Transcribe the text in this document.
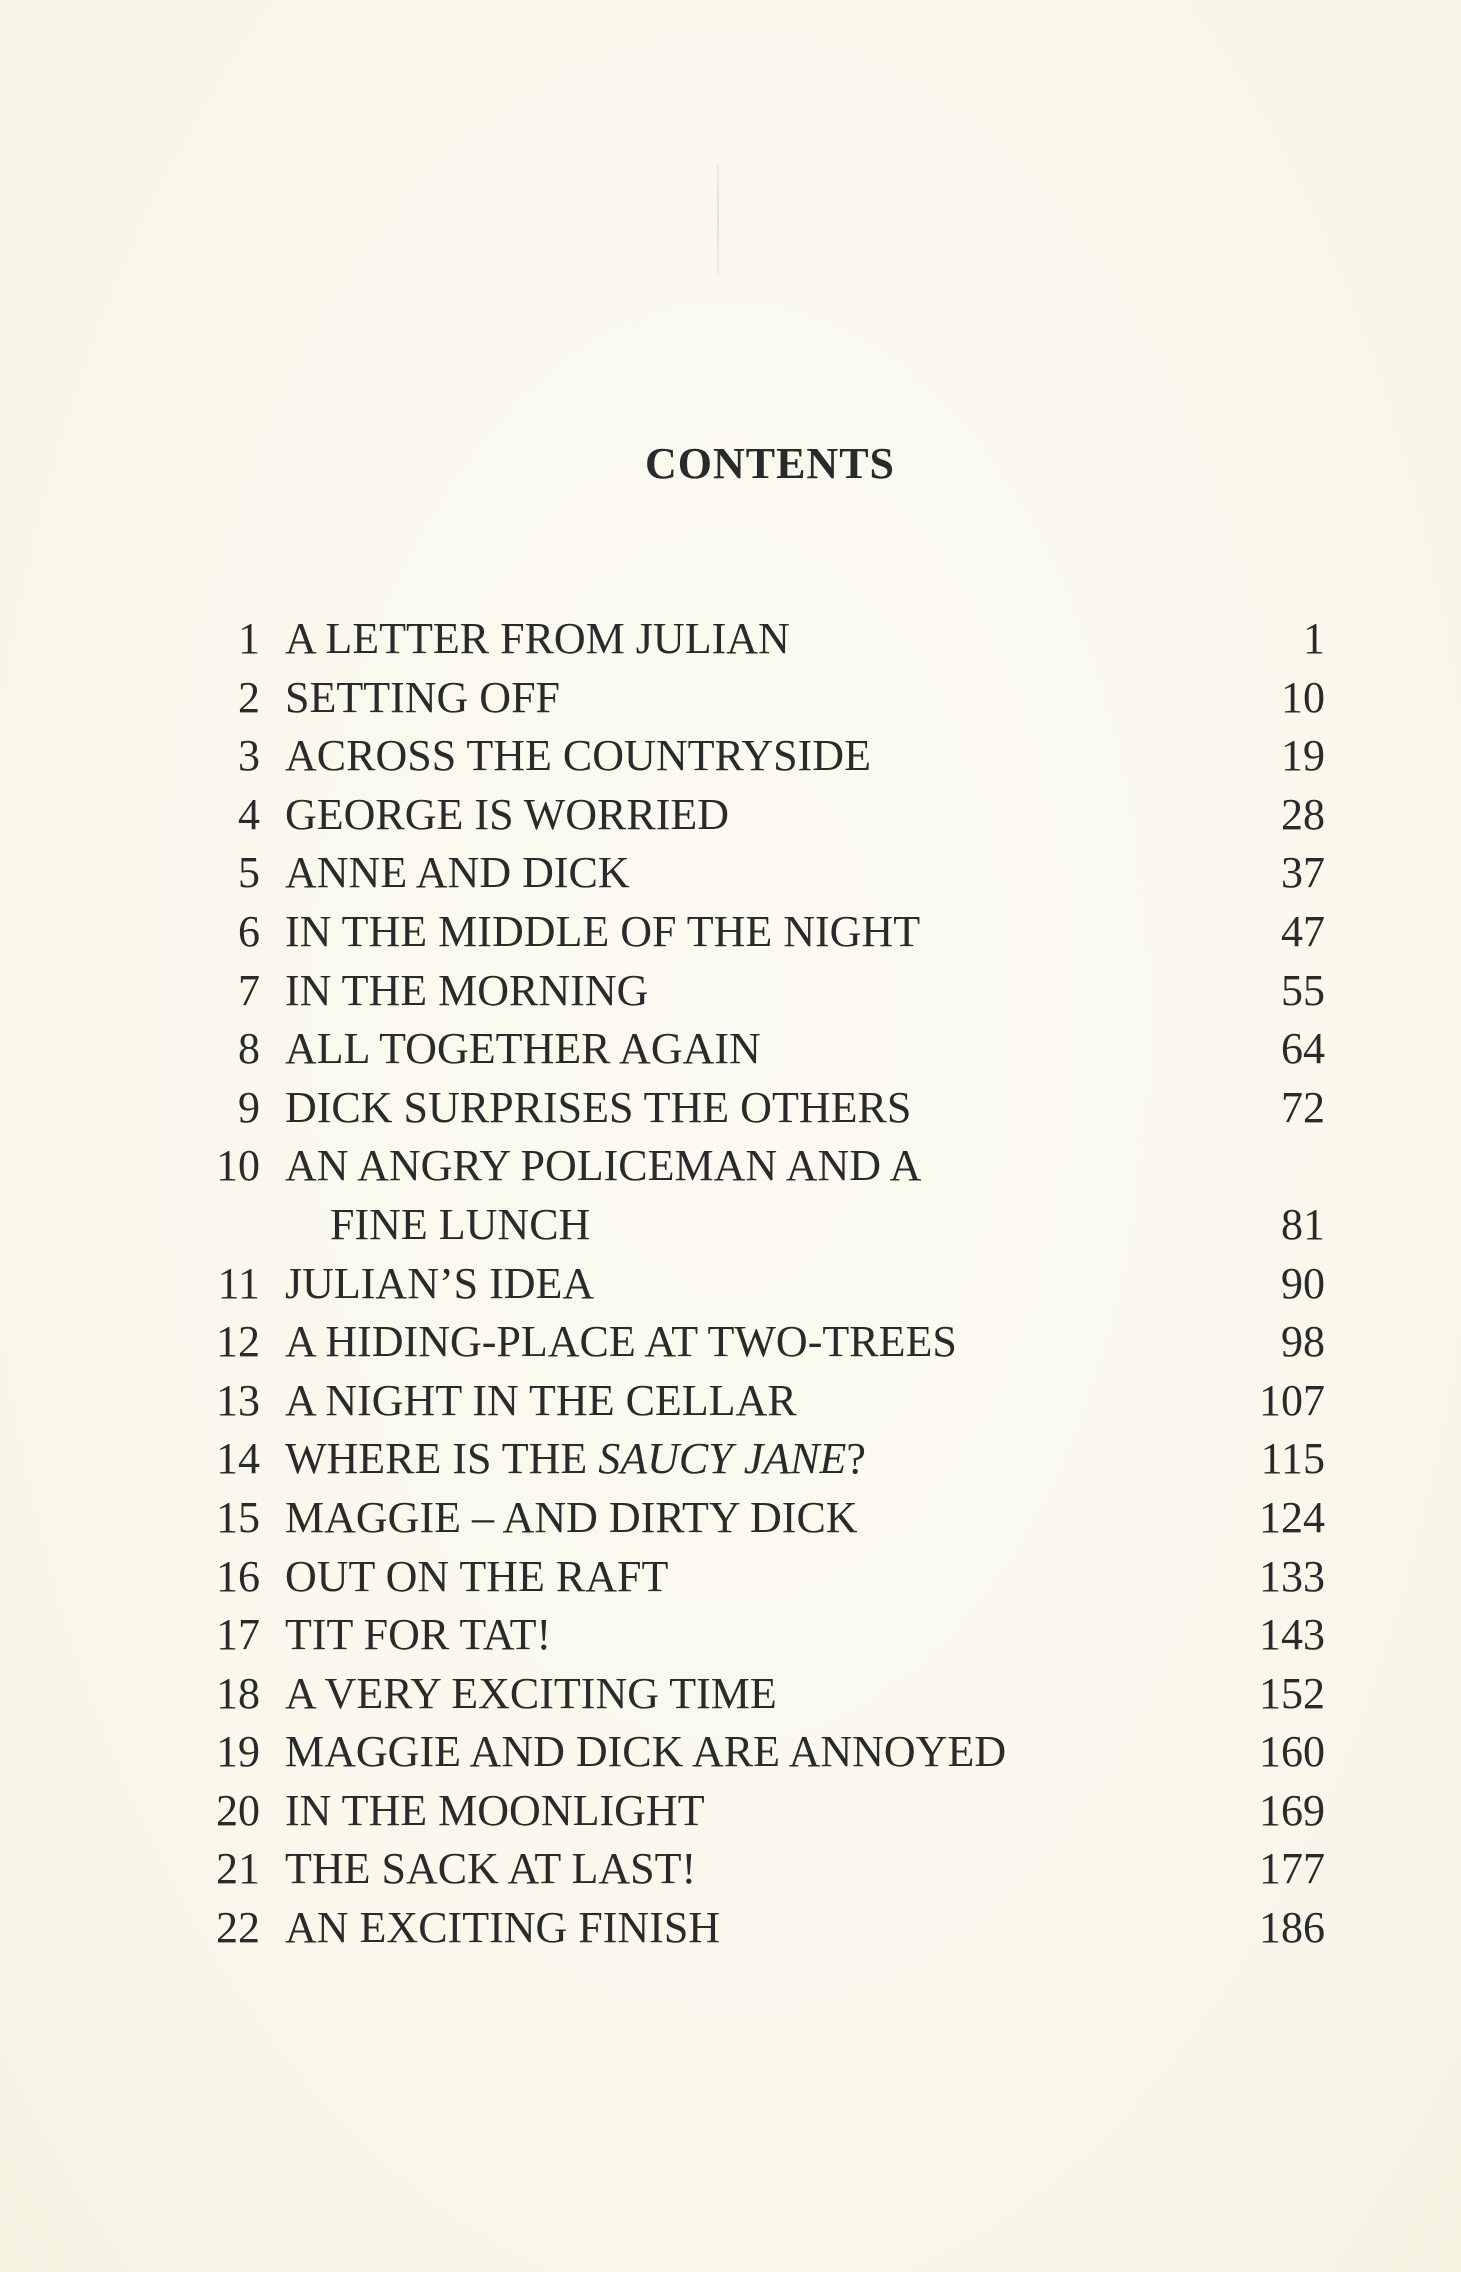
CONTENTS
1 A LETTER FROM JULIAN	1
2 SETTING OFF	10
3 ACROSS THE COUNTRYSIDE	19
4 GEORGE IS WORRIED	28
5 ANNE AND DICK	37
6 IN THE MIDDLE OF THE NIGHT	47
7 IN THE MORNING	55
8 ALL TOGETHER AGAIN	64
9 DICK SURPRISES THE OTHERS	72
10 AN ANGRY POLICEMAN AND A
FINE LUNCH	81
11 JULIAN’S IDEA	90
12 A HIDING-PLACE AT TWO-TREES	98
13 A NIGHT IN THE CELLAR	107
14 WHERE IS THE SAUCY JANE?	115
15 MAGGIE – AND DIRTY DICK	124
16 OUT ON THE RAFT	133
17 TIT FOR TAT!	143
18 A VERY EXCITING TIME	152
19 MAGGIE AND DICK ARE ANNOYED	160
20 IN THE MOONLIGHT	169
21 THE SACK AT LAST!	177
22 AN EXCITING FINISH	186
